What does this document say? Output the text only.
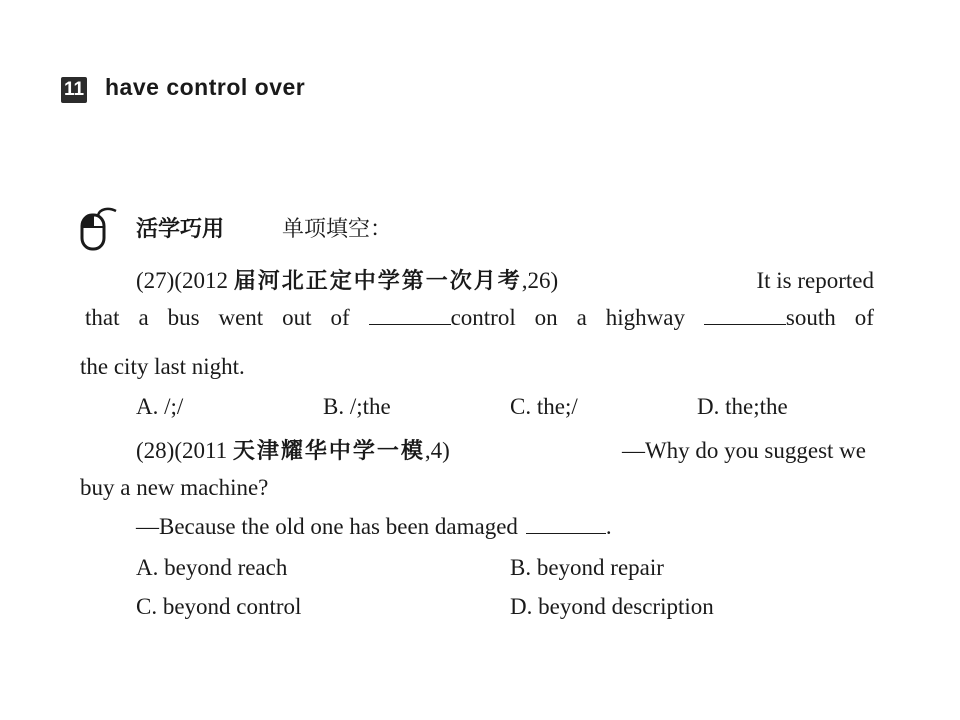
11 have control over
活学巧用	单项填空：
(27)(2012 届河北正定中学第一次月考,26)	It is reported
that a bus went out of	control on a highway	south of
the city last night.
A. /;/	B. /;the	C. the;/	D. the;the
(28)(2011 天津耀华中学一模,4)	—Why do you suggest we
buy a new machine?
—Because the old one has been damaged	.
A. beyond reach	B. beyond repair
C. beyond control	D. beyond description
